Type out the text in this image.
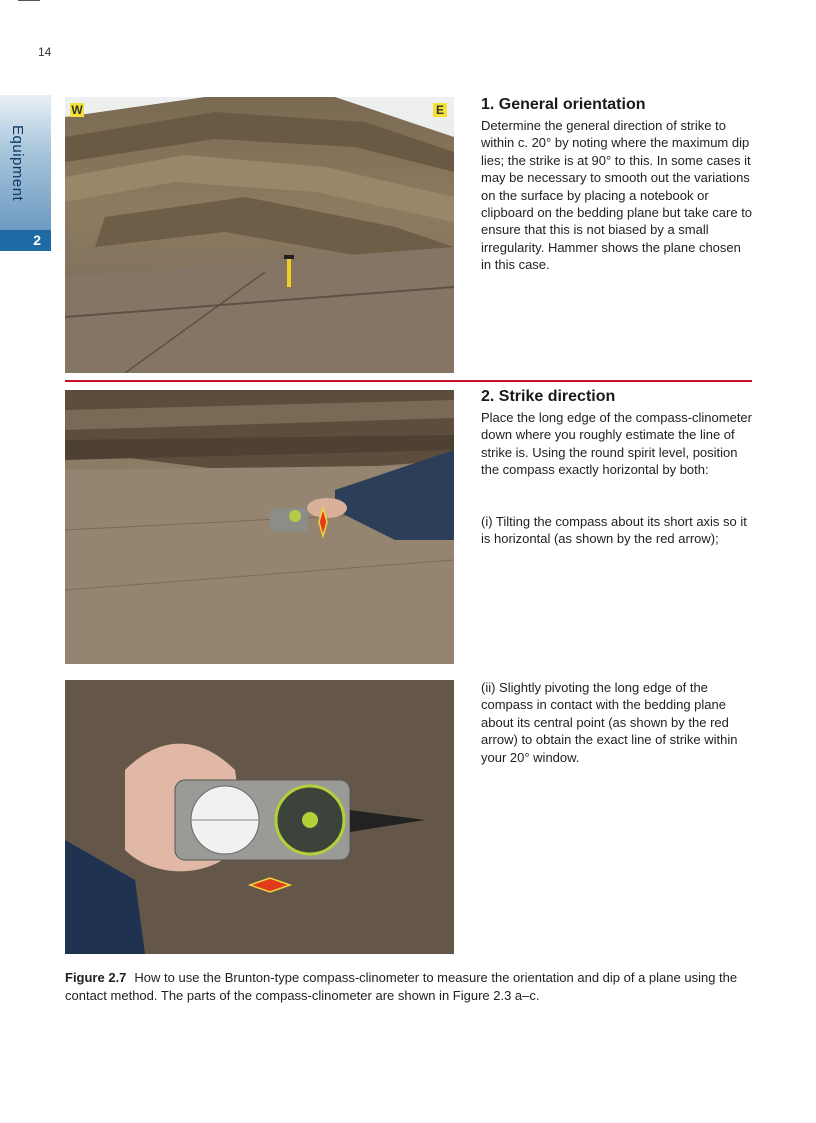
14
Equipment
2
W	E 1. General orientation

Determine the general direction of strike to within c. 20° by noting where the maximum dip lies; the strike is at 90° to this. In some cases it may be necessary to smooth out the variations on the surface by placing a notebook or clipboard on the bedding plane but take care to ensure that this is not biased by a small irregularity. Hammer shows the plane chosen in this case.

2. Strike direction

Place the long edge of the compass-clinometer down where you roughly estimate the line of strike is. Using the round spirit level, position the compass exactly horizontal by both:

(i) Tilting the compass about its short axis so it is horizontal (as shown by the red arrow);

(ii) Slightly pivoting the long edge of the compass in contact with the bedding plane about its central point (as shown by the red arrow) to obtain the exact line of strike within your 20° window.

Figure 2.7 How to use the Brunton-type compass-clinometer to measure the orientation and dip of a plane using the contact method. The parts of the compass-clinometer are shown in Figure 2.3 a–c.
